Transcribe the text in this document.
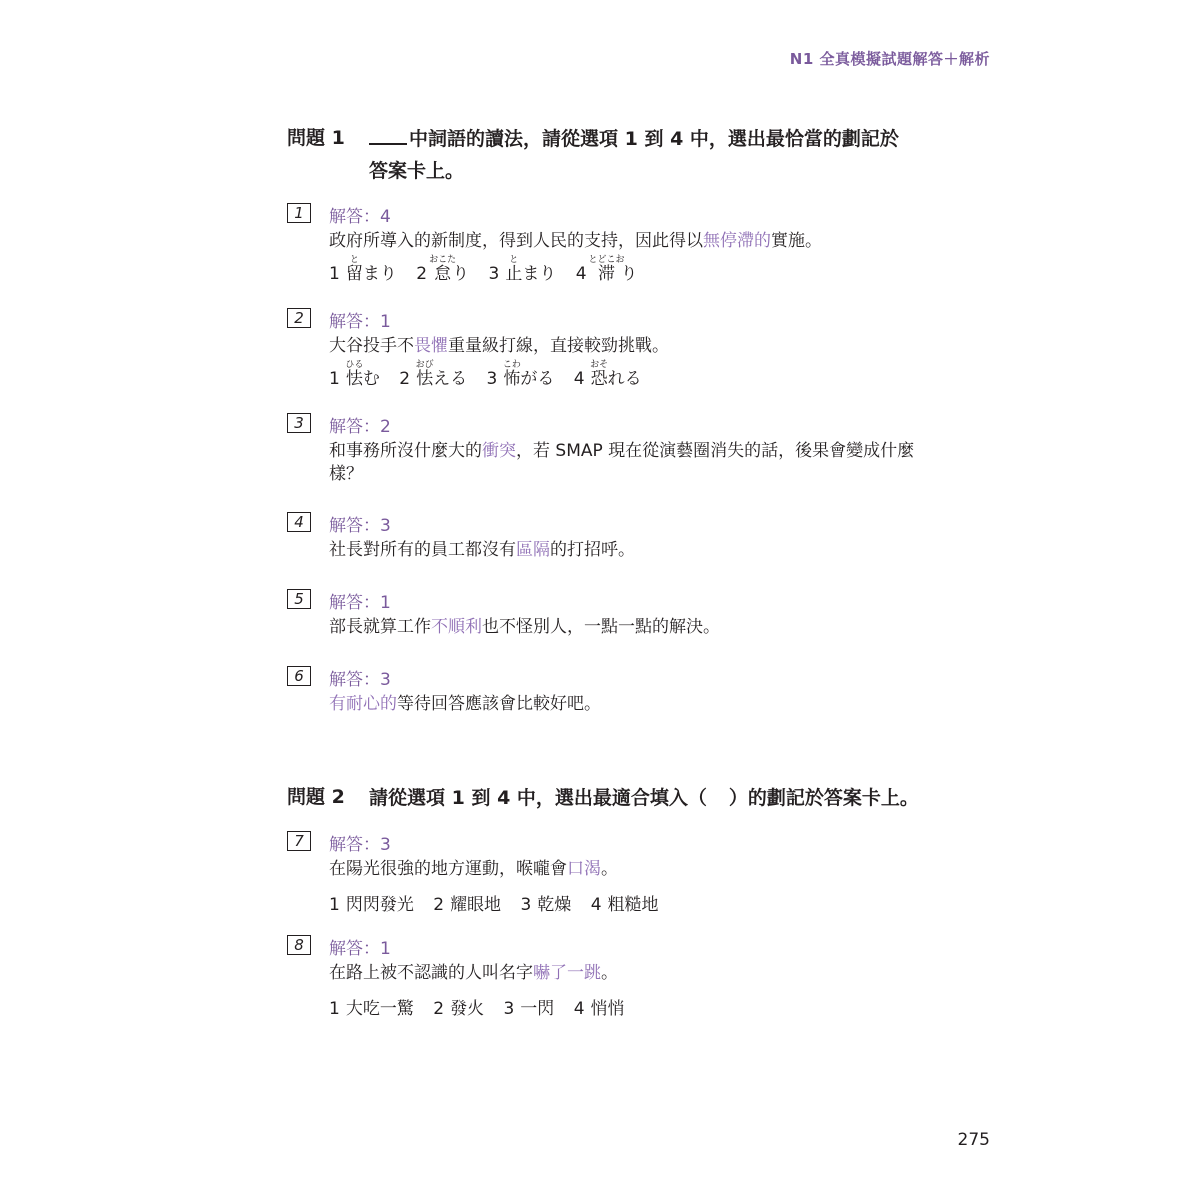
N1 全真模擬試題解答＋解析
問題 1	中詞語的讀法，請從選項 1 到 4 中，選出最恰當的劃記於
答案卡上。
1	解答：4
政府所導入的新制度，得到人民的支持，因此得以無停滯的實施。
1 留とまり 2 怠おこたり 3 止とまり 4 滞とどこおり
2	解答：1
大谷投手不畏懼重量級打線，直接較勁挑戰。
1 怯ひるむ 2 怯おびえる 3 怖こわがる 4 恐おそれる
3	解答：2
和事務所沒什麼大的衝突，若 SMAP 現在從演藝圈消失的話，後果會變成什麼樣？
4	解答：3
社長對所有的員工都沒有區隔的打招呼。
5	解答：1
部長就算工作不順利也不怪別人，一點一點的解決。
6	解答：3
有耐心的等待回答應該會比較好吧。
問題 2 請從選項 1 到 4 中，選出最適合填入（ ）的劃記於答案卡上。
7	解答：3
在陽光很強的地方運動，喉嚨會口渴。
1 閃閃發光 2 耀眼地 3 乾燥 4 粗糙地
8	解答：1
在路上被不認識的人叫名字嚇了一跳。
1 大吃一驚 2 發火 3 一閃 4 悄悄
275
